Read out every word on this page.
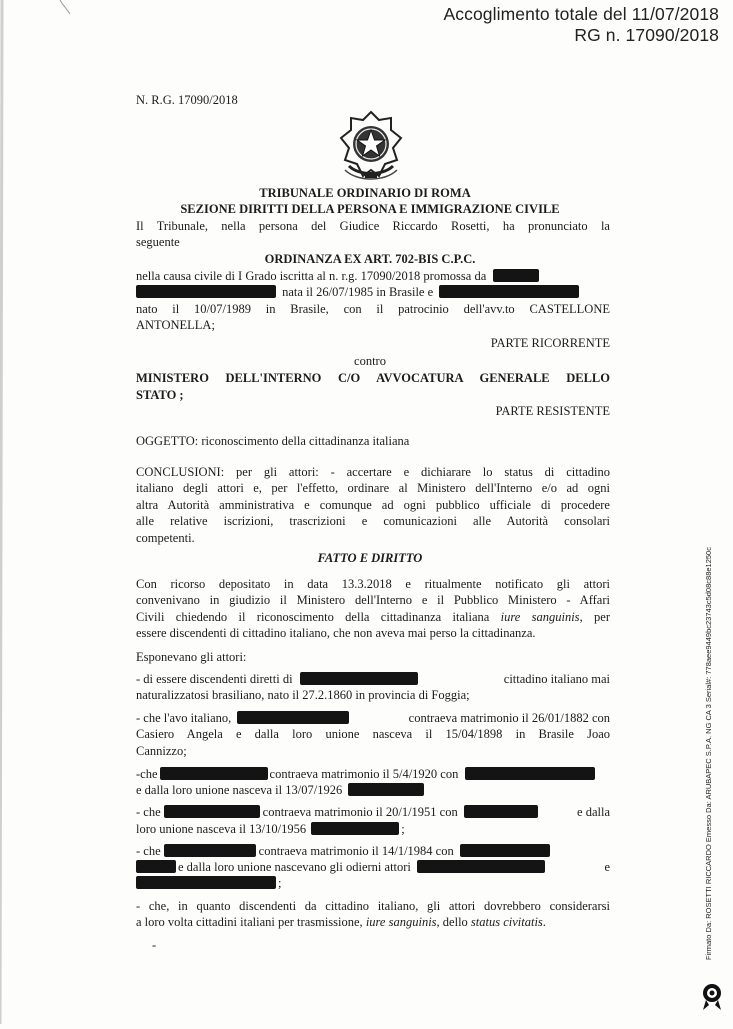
Accoglimento totale del 11/07/2018
RG n. 17090/2018
N. R.G. 17090/2018
TRIBUNALE ORDINARIO DI ROMA
SEZIONE DIRITTI DELLA PERSONA E IMMIGRAZIONE CIVILE
Il Tribunale, nella persona del Giudice Riccardo Rosetti, ha pronunciato la
seguente
ORDINANZA EX ART. 702-BIS C.P.C.
nella causa civile di I Grado iscritta al n. r.g. 17090/2018 promossa da
nata il 26/07/1985 in Brasile e
nato il 10/07/1989 in Brasile, con il patrocinio dell'avv.to CASTELLONE
ANTONELLA;
PARTE RICORRENTE
contro
MINISTERO DELL'INTERNO C/O AVVOCATURA GENERALE DELLO
STATO ;
PARTE RESISTENTE
OGGETTO: riconoscimento della cittadinanza italiana
CONCLUSIONI: per gli attori: - accertare e dichiarare lo status di cittadino
italiano degli attori e, per l'effetto, ordinare al Ministero dell'Interno e/o ad ogni
altra Autorità amministrativa e comunque ad ogni pubblico ufficiale di procedere
alle relative iscrizioni, trascrizioni e comunicazioni alle Autorità consolari
competenti.
FATTO E DIRITTO
Con ricorso depositato in data 13.3.2018 e ritualmente notificato gli attori
convenivano in giudizio il Ministero dell'Interno e il Pubblico Ministero - Affari
Civili chiedendo il riconoscimento della cittadinanza italiana iure sanguinis, per
essere discendenti di cittadino italiano, che non aveva mai perso la cittadinanza.
Esponevano gli attori:
- di essere discendenti diretti di	cittadino italiano mai
naturalizzatosi brasiliano, nato il 27.2.1860 in provincia di Foggia;
- che l'avo italiano,	contraeva matrimonio il 26/01/1882 con
Casiero Angela e dalla loro unione nasceva il 15/04/1898 in Brasile Joao
Cannizzo;
-che	contraeva matrimonio il 5/4/1920 con
e dalla loro unione nasceva il 13/07/1926
- che	contraeva matrimonio il 20/1/1951 con	e dalla
loro unione nasceva il 13/10/1956	;
- che	contraeva matrimonio il 14/1/1984 con
e dalla loro unione nascevano gli odierni attori	e
;
- che, in quanto discendenti da cittadino italiano, gli attori dovrebbero considerarsi
a loro volta cittadini italiani per trasmissione, iure sanguinis, dello status civitatis.
-	Firmato Da: ROSETTI RICCARDO Emesso Da: ARUBAPEC S.P.A. NG CA 3 Serial#: 778aee9449bc23743c5d08c88e1250c
